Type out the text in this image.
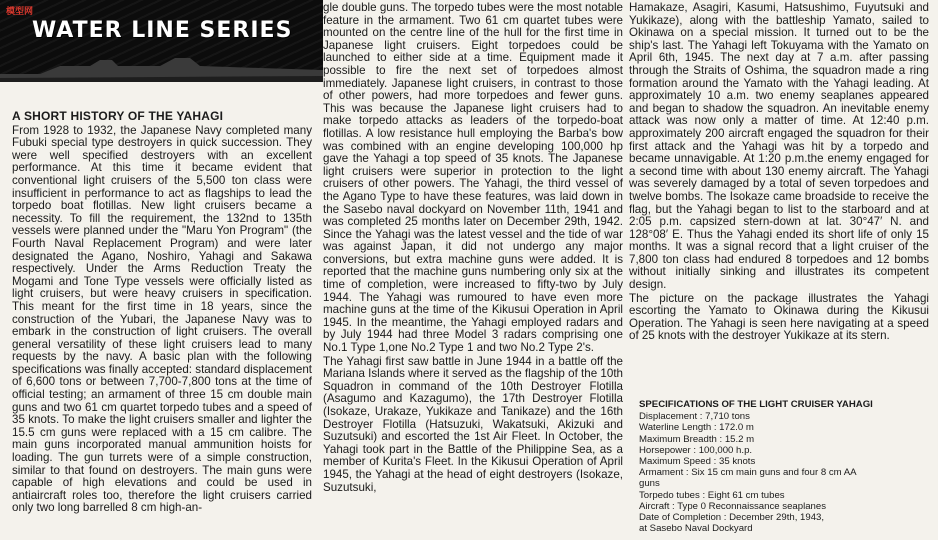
模型网
WATER LINE SERIES
A SHORT HISTORY OF THE YAHAGI

From 1928 to 1932, the Japanese Navy completed many Fubuki special type destroyers in quick succession. They were well specified destroyers with an excellent performance. At this time it became evident that conventional light cruisers of the 5,500 ton class were insufficient in performance to act as flagships to lead the torpedo boat flotillas. New light cruisers became a necessity. To fill the requirement, the 132nd to 135th vessels were planned under the "Maru Yon Program" (the Fourth Naval Replacement Program) and were later designated the Agano, Noshiro, Yahagi and Sakawa respectively. Under the Arms Reduction Treaty the Mogami and Tone Type vessels were officially listed as light cruisers, but were heavy cruisers in specification. This meant for the first time in 18 years, since the construction of the Yubari, the Japanese Navy was to embark in the construction of light cruisers. The overall general versatility of these light cruisers lead to many requests by the navy. A basic plan with the following specifications was finally accepted: standard displacement of 6,600 tons or between 7,700-7,800 tons at the time of official testing; an armament of three 15 cm double main guns and two 61 cm quartet torpedo tubes and a speed of 35 knots. To make the light cruisers smaller and lighter the 15.5 cm guns were replaced with a 15 cm calibre. The main guns incorporated manual ammunition hoists for loading. The gun turrets were of a simple construction, similar to that found on destroyers. The main guns were capable of high elevations and could be used in antiaircraft roles too, therefore the light cruisers carried only two long barrelled 8 cm high-an-

gle double guns. The torpedo tubes were the most notable feature in the armament. Two 61 cm quartet tubes were mounted on the centre line of the hull for the first time in Japanese light cruisers. Eight torpedoes could be launched to either side at a time. Equipment made it possible to fire the next set of torpedoes almost immediately. Japanese light cruisers, in contrast to those of other powers, had more torpedoes and fewer guns. This was because the Japanese light cruisers had to make torpedo attacks as leaders of the torpedo-boat flotillas. A low resistance hull employing the Barba's bow was combined with an engine developing 100,000 hp gave the Yahagi a top speed of 35 knots. The Japanese light cruisers were superior in protection to the light cruisers of other powers. The Yahagi, the third vessel of the Agano Type to have these features, was laid down in the Sasebo naval dockyard on November 11th, 1941 and was completed 25 months later on December 29th, 1942. Since the Yahagi was the latest vessel and the tide of war was against Japan, it did not undergo any major conversions, but extra machine guns were added. It is reported that the machine guns numbering only six at the time of completion, were increased to fifty-two by July 1944. The Yahagi was rumoured to have even more machine guns at the time of the Kikusui Operation in April 1945. In the meantime, the Yahagi employed radars and by July 1944 had three Model 3 radars comprising one No.1 Type 1,one No.2 Type 1 and two No.2 Type 2's.

The Yahagi first saw battle in June 1944 in a battle off the Mariana Islands where it served as the flagship of the 10th Squadron in command of the 10th Destroyer Flotilla (Asagumo and Kazagumo), the 17th Destroyer Flotilla (Isokaze, Urakaze, Yukikaze and Tanikaze) and the 16th Destroyer Flotilla (Hatsuzuki, Wakatsuki, Akizuki and Suzutsuki) and escorted the 1st Air Fleet. In October, the Yahagi took part in the Battle of the Philippine Sea, as a member of Kurita's Fleet. In the Kikusui Operation of April 1945, the Yahagi at the head of eight destroyers (Isokaze, Suzutsuki,

Hamakaze, Asagiri, Kasumi, Hatsushimo, Fuyutsuki and Yukikaze), along with the battleship Yamato, sailed to Okinawa on a special mission. It turned out to be the ship's last. The Yahagi left Tokuyama with the Yamato on April 6th, 1945. The next day at 7 a.m. after passing through the Straits of Oshima, the squadron made a ring formation around the Yamato with the Yahagi leading. At approximately 10 a.m. two enemy seaplanes appeared and began to shadow the squadron. An inevitable enemy attack was now only a matter of time. At 12:40 p.m. approximately 200 aircraft engaged the squadron for their first attack and the Yahagi was hit by a torpedo and became unnavigable. At 1:20 p.m.the enemy engaged for a second time with about 130 enemy aircraft. The Yahagi was severely damaged by a total of seven torpedoes and twelve bombs. The Isokaze came broadside to receive the flag, but the Yahagi began to list to the starboard and at 2:05 p.m. capsized stern-down at lat. 30°47′ N. and 128°08′ E. Thus the Yahagi ended its short life of only 15 months. It was a signal record that a light cruiser of the 7,800 ton class had endured 8 torpedoes and 12 bombs without initially sinking and illustrates its competent design.

The picture on the package illustrates the Yahagi escorting the Yamato to Okinawa during the Kikusui Operation. The Yahagi is seen here navigating at a speed of 25 knots with the destroyer Yukikaze at its stern.

SPECIFICATIONS OF THE LIGHT CRUISER YAHAGI
Displacement : 7,710 tons
Waterline Length : 172.0 m
Maximum Breadth : 15.2 m
Horsepower : 100,000 h.p.
Maximum Speed : 35 knots
Armament : Six 15 cm main guns and four 8 cm AA
guns
Torpedo tubes : Eight 61 cm tubes
Aircraft : Type 0 Reconnaissance seaplanes
Date of Completion : December 29th, 1943,
at Sasebo Naval Dockyard
